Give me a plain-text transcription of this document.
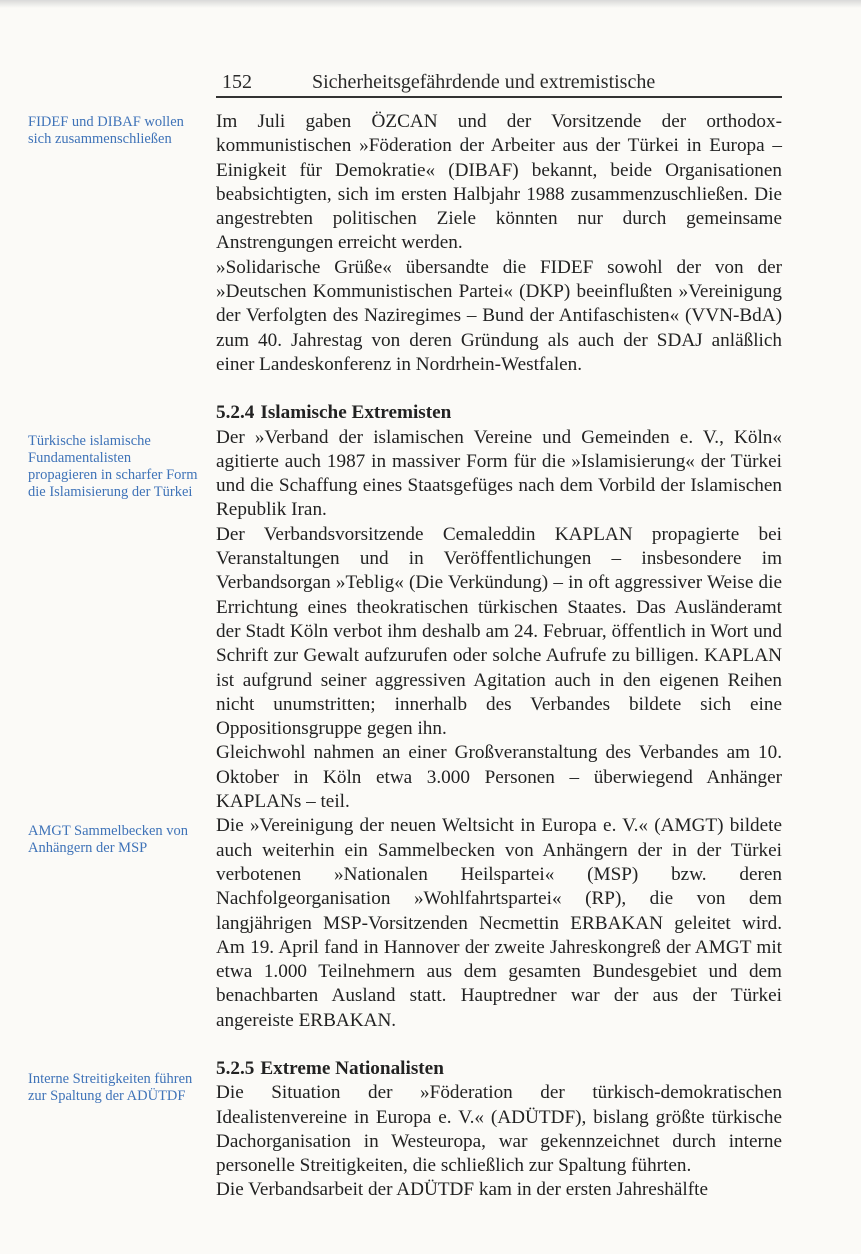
152	Sicherheitsgefährdende und extremistische
FIDEF und DIBAF wollen sich zusammenschließen
Türkische islamische Fundamentalisten propagieren in scharfer Form die Islamisierung der Türkei
AMGT Sammelbecken von Anhängern der MSP
Interne Streitigkeiten führen zur Spaltung der ADÜTDF

Im Juli gaben ÖZCAN und der Vorsitzende der orthodox-kommunistischen »Föderation der Arbeiter aus der Türkei in Europa – Einigkeit für Demokratie« (DIBAF) bekannt, beide Organisationen beabsichtigten, sich im ersten Halbjahr 1988 zusammenzuschließen. Die angestrebten politischen Ziele könnten nur durch gemeinsame Anstrengungen erreicht werden.

»Solidarische Grüße« übersandte die FIDEF sowohl der von der »Deutschen Kommunistischen Partei« (DKP) beeinflußten »Vereinigung der Verfolgten des Naziregimes – Bund der Antifaschisten« (VVN-BdA) zum 40. Jahrestag von deren Gründung als auch der SDAJ anläßlich einer Landeskonferenz in Nordrhein-Westfalen.

5.2.4 Islamische Extremisten

Der »Verband der islamischen Vereine und Gemeinden e. V., Köln« agitierte auch 1987 in massiver Form für die »Islamisierung« der Türkei und die Schaffung eines Staatsgefüges nach dem Vorbild der Islamischen Republik Iran.

Der Verbandsvorsitzende Cemaleddin KAPLAN propagierte bei Veranstaltungen und in Veröffentlichungen – insbesondere im Verbandsorgan »Teblig« (Die Verkündung) – in oft aggressiver Weise die Errichtung eines theokratischen türkischen Staates. Das Ausländeramt der Stadt Köln verbot ihm deshalb am 24. Februar, öffentlich in Wort und Schrift zur Gewalt aufzurufen oder solche Aufrufe zu billigen. KAPLAN ist aufgrund seiner aggressiven Agitation auch in den eigenen Reihen nicht unumstritten; innerhalb des Verbandes bildete sich eine Oppositionsgruppe gegen ihn.

Gleichwohl nahmen an einer Großveranstaltung des Verbandes am 10. Oktober in Köln etwa 3.000 Personen – überwiegend Anhänger KAPLANs – teil.

Die »Vereinigung der neuen Weltsicht in Europa e. V.« (AMGT) bildete auch weiterhin ein Sammelbecken von Anhängern der in der Türkei verbotenen »Nationalen Heilspartei« (MSP) bzw. deren Nachfolgeorganisation »Wohlfahrtspartei« (RP), die von dem langjährigen MSP-Vorsitzenden Necmettin ERBAKAN geleitet wird. Am 19. April fand in Hannover der zweite Jahreskongreß der AMGT mit etwa 1.000 Teilnehmern aus dem gesamten Bundesgebiet und dem benachbarten Ausland statt. Hauptredner war der aus der Türkei angereiste ERBAKAN.

5.2.5 Extreme Nationalisten

Die Situation der »Föderation der türkisch-demokratischen Idealistenvereine in Europa e. V.« (ADÜTDF), bislang größte türkische Dachorganisation in Westeuropa, war gekennzeichnet durch interne personelle Streitigkeiten, die schließlich zur Spaltung führten.

Die Verbandsarbeit der ADÜTDF kam in der ersten Jahreshälfte
